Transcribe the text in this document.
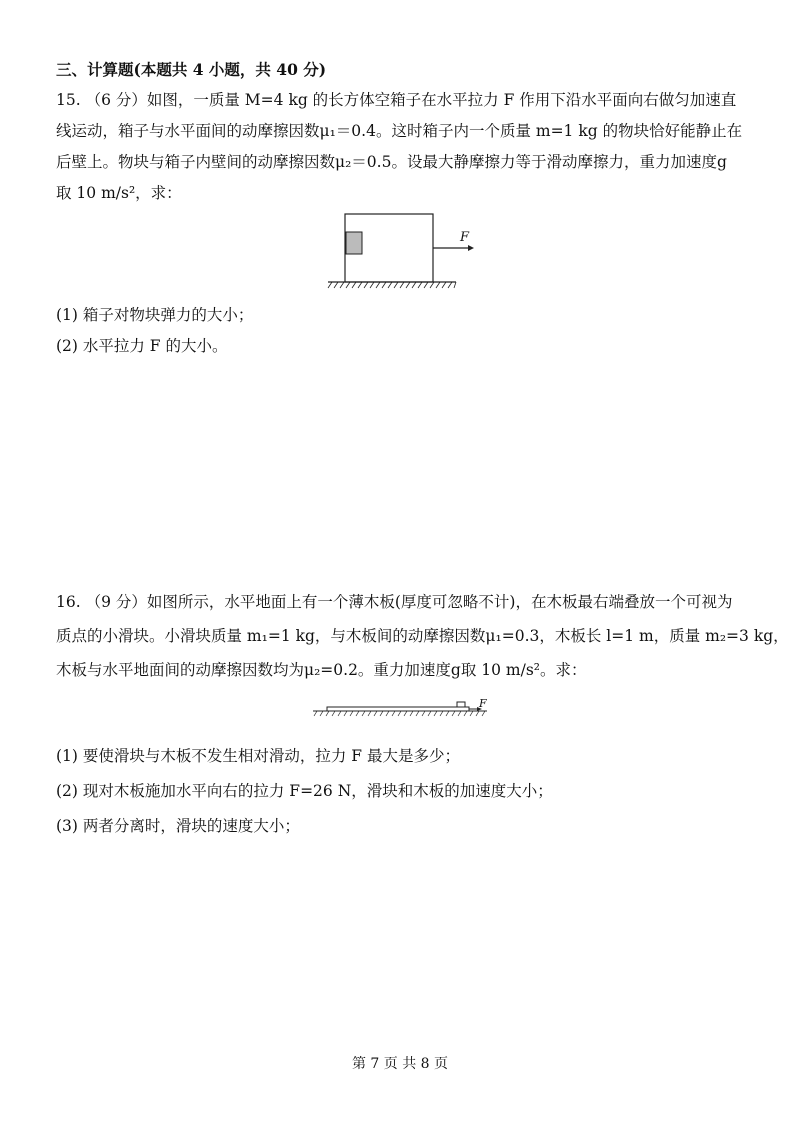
三、计算题(本题共 4 小题，共 40 分)
15. （6 分）如图，一质量 M=4 kg 的长方体空箱子在水平拉力 F 作用下沿水平面向右做匀加速直
线运动，箱子与水平面间的动摩擦因数μ₁＝0.4。这时箱子内一个质量 m=1 kg 的物块恰好能静止在
后壁上。物块与箱子内壁间的动摩擦因数μ₂＝0.5。设最大静摩擦力等于滑动摩擦力，重力加速度g
取 10 m/s²，求：
F
(1) 箱子对物块弹力的大小；
(2) 水平拉力 F 的大小。
16. （9 分）如图所示，水平地面上有一个薄木板(厚度可忽略不计)，在木板最右端叠放一个可视为
质点的小滑块。小滑块质量 m₁=1 kg，与木板间的动摩擦因数μ₁=0.3，木板长 l=1 m，质量 m₂=3 kg，
木板与水平地面间的动摩擦因数均为μ₂=0.2。重力加速度g取 10 m/s²。求：
F
(1) 要使滑块与木板不发生相对滑动，拉力 F 最大是多少；
(2) 现对木板施加水平向右的拉力 F=26 N，滑块和木板的加速度大小；
(3) 两者分离时，滑块的速度大小；
第 7 页 共 8 页
